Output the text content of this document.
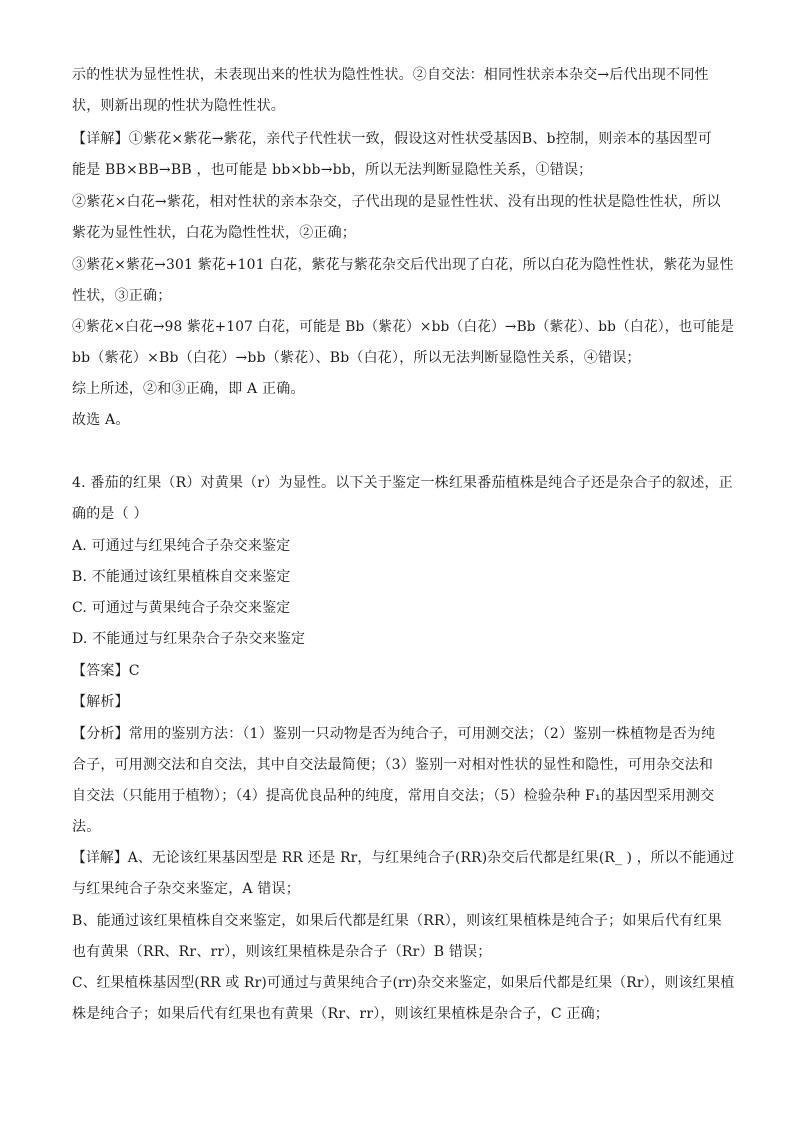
示的性状为显性性状，未表现出来的性状为隐性性状。②自交法：相同性状亲本杂交→后代出现不同性
状，则新出现的性状为隐性性状。
【详解】①紫花×紫花→紫花，亲代子代性状一致，假设这对性状受基因B、b控制，则亲本的基因型可
能是 BB×BB→BB ，也可能是 bb×bb→bb，所以无法判断显隐性关系，①错误；
②紫花×白花→紫花，相对性状的亲本杂交，子代出现的是显性性状、没有出现的性状是隐性性状，所以
紫花为显性性状，白花为隐性性状，②正确；
③紫花×紫花→301 紫花+101 白花，紫花与紫花杂交后代出现了白花，所以白花为隐性性状，紫花为显性
性状，③正确；
④紫花×白花→98 紫花+107 白花，可能是 Bb（紫花）×bb（白花）→Bb（紫花）、bb（白花），也可能是
bb（紫花）×Bb（白花）→bb（紫花）、Bb（白花），所以无法判断显隐性关系，④错误；
综上所述，②和③正确，即 A 正确。
故选 A。
4. 番茄的红果（R）对黄果（r）为显性。以下关于鉴定一株红果番茄植株是纯合子还是杂合子的叙述，正
确的是（ ）
A. 可通过与红果纯合子杂交来鉴定
B. 不能通过该红果植株自交来鉴定
C. 可通过与黄果纯合子杂交来鉴定
D. 不能通过与红果杂合子杂交来鉴定
【答案】C
【解析】
【分析】常用的鉴别方法：（1）鉴别一只动物是否为纯合子，可用测交法；（2）鉴别一株植物是否为纯
合子，可用测交法和自交法，其中自交法最简便；（3）鉴别一对相对性状的显性和隐性，可用杂交法和
自交法（只能用于植物）；（4）提高优良品种的纯度，常用自交法；（5）检验杂种 F₁的基因型采用测交
法。
【详解】A、无论该红果基因型是 RR 还是 Rr，与红果纯合子(RR)杂交后代都是红果(R_ ) ，所以不能通过
与红果纯合子杂交来鉴定，A 错误；
B、能通过该红果植株自交来鉴定，如果后代都是红果（RR），则该红果植株是纯合子；如果后代有红果
也有黄果（RR、Rr、rr），则该红果植株是杂合子（Rr）B 错误；
C、红果植株基因型(RR 或 Rr)可通过与黄果纯合子(rr)杂交来鉴定，如果后代都是红果（Rr），则该红果植
株是纯合子；如果后代有红果也有黄果（Rr、rr），则该红果植株是杂合子，C 正确；
